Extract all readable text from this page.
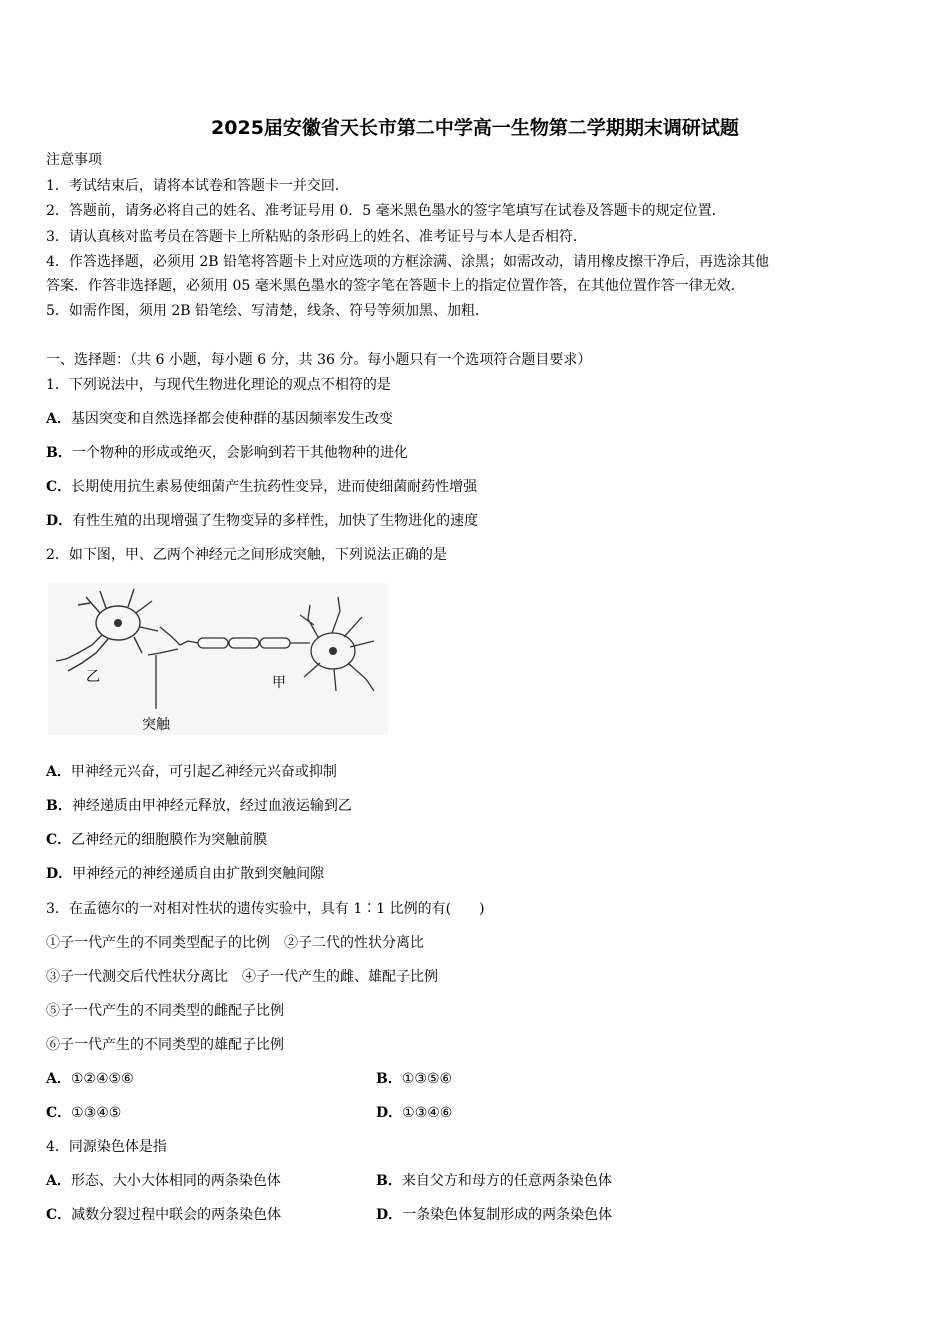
2025届安徽省天长市第二中学高一生物第二学期期末调研试题
注意事项
1．考试结束后，请将本试卷和答题卡一并交回．
2．答题前，请务必将自己的姓名、准考证号用 0．5 毫米黑色墨水的签字笔填写在试卷及答题卡的规定位置．
3．请认真核对监考员在答题卡上所粘贴的条形码上的姓名、准考证号与本人是否相符．
4．作答选择题，必须用 2B 铅笔将答题卡上对应选项的方框涂满、涂黑；如需改动，请用橡皮擦干净后，再选涂其他
答案．作答非选择题，必须用 05 毫米黑色墨水的签字笔在答题卡上的指定位置作答，在其他位置作答一律无效．
5．如需作图，须用 2B 铅笔绘、写清楚，线条、符号等须加黑、加粗．
一、选择题：（共 6 小题，每小题 6 分，共 36 分。每小题只有一个选项符合题目要求）
1．下列说法中，与现代生物进化理论的观点不相符的是
A．基因突变和自然选择都会使种群的基因频率发生改变
B．一个物种的形成或绝灭，会影响到若干其他物种的进化
C．长期使用抗生素易使细菌产生抗药性变异，进而使细菌耐药性增强
D．有性生殖的出现增强了生物变异的多样性，加快了生物进化的速度
2．如下图，甲、乙两个神经元之间形成突触，下列说法正确的是
乙	甲
突触
A．甲神经元兴奋，可引起乙神经元兴奋或抑制
B．神经递质由甲神经元释放，经过血液运输到乙
C．乙神经元的细胞膜作为突触前膜
D．甲神经元的神经递质自由扩散到突触间隙
3．在孟德尔的一对相对性状的遗传实验中，具有 1∶1 比例的有(　　)
①子一代产生的不同类型配子的比例　②子二代的性状分离比
③子一代测交后代性状分离比　④子一代产生的雌、雄配子比例
⑤子一代产生的不同类型的雌配子比例
⑥子一代产生的不同类型的雄配子比例
A．①②④⑤⑥	B．①③⑤⑥
C．①③④⑤	D．①③④⑥
4．同源染色体是指
A．形态、大小大体相同的两条染色体	B．来自父方和母方的任意两条染色体
C．减数分裂过程中联会的两条染色体	D．一条染色体复制形成的两条染色体
